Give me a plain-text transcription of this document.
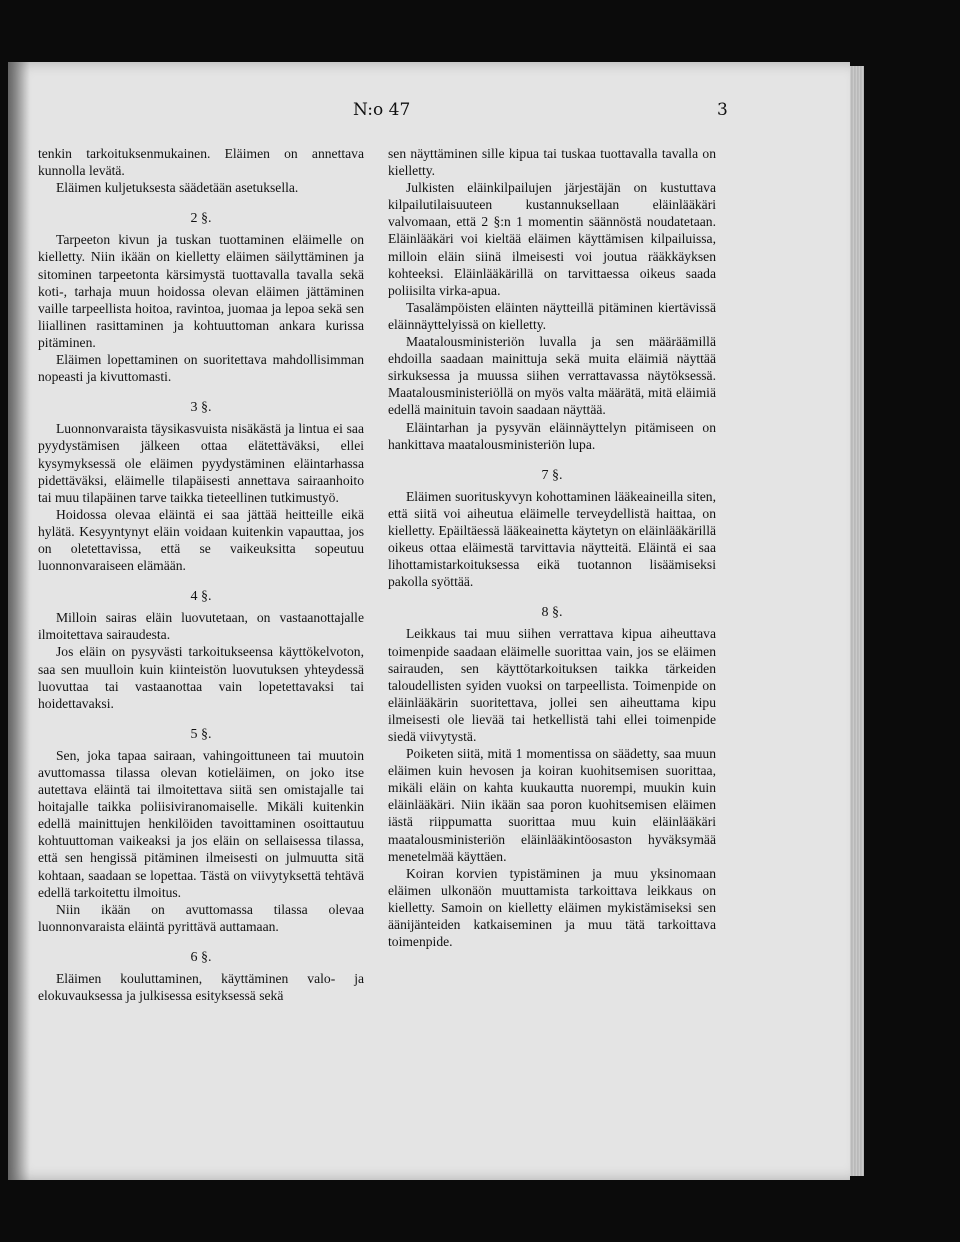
N:o 47	3

tenkin tarkoituksenmukainen. Eläimen on annettava kunnolla levätä.

Eläimen kuljetuksesta säädetään asetuksella.

2 §.

Tarpeeton kivun ja tuskan tuottaminen eläimelle on kielletty. Niin ikään on kielletty eläimen säilyttäminen ja sitominen tarpeetonta kärsimystä tuottavalla tavalla sekä koti-, tarhaja muun hoidossa olevan eläimen jättäminen vaille tarpeellista hoitoa, ravintoa, juomaa ja lepoa sekä sen liiallinen rasittaminen ja kohtuuttoman ankara kurissa pitäminen.

Eläimen lopettaminen on suoritettava mahdollisimman nopeasti ja kivuttomasti.

3 §.

Luonnonvaraista täysikasvuista nisäkästä ja lintua ei saa pyydystämisen jälkeen ottaa elätettäväksi, ellei kysymyksessä ole eläimen pyydystäminen eläintarhassa pidettäväksi, eläimelle tilapäisesti annettava sairaanhoito tai muu tilapäinen tarve taikka tieteellinen tutkimustyö.

Hoidossa olevaa eläintä ei saa jättää heitteille eikä hylätä. Kesyyntynyt eläin voidaan kuitenkin vapauttaa, jos on oletettavissa, että se vaikeuksitta sopeutuu luonnonvaraiseen elämään.

4 §.

Milloin sairas eläin luovutetaan, on vastaanottajalle ilmoitettava sairaudesta.

Jos eläin on pysyvästi tarkoitukseensa käyttökelvoton, saa sen muulloin kuin kiinteistön luovutuksen yhteydessä luovuttaa tai vastaanottaa vain lopetettavaksi tai hoidettavaksi.

5 §.

Sen, joka tapaa sairaan, vahingoittuneen tai muutoin avuttomassa tilassa olevan kotieläimen, on joko itse autettava eläintä tai ilmoitettava siitä sen omistajalle tai hoitajalle taikka poliisiviranomaiselle. Mikäli kuitenkin edellä mainittujen henkilöiden tavoittaminen osoittautuu kohtuuttoman vaikeaksi ja jos eläin on sellaisessa tilassa, että sen hengissä pitäminen ilmeisesti on julmuutta sitä kohtaan, saadaan se lopettaa. Tästä on viivytyksettä tehtävä edellä tarkoitettu ilmoitus.

Niin ikään on avuttomassa tilassa olevaa luonnonvaraista eläintä pyrittävä auttamaan.

6 §.

Eläimen kouluttaminen, käyttäminen valo- ja elokuvauksessa ja julkisessa esityksessä sekä

sen näyttäminen sille kipua tai tuskaa tuottavalla tavalla on kielletty.

Julkisten eläinkilpailujen järjestäjän on kustuttava kilpailutilaisuuteen kustannuksellaan eläinlääkäri valvomaan, että 2 §:n 1 momentin säännöstä noudatetaan. Eläinlääkäri voi kieltää eläimen käyttämisen kilpailuissa, milloin eläin siinä ilmeisesti voi joutua rääkkäyksen kohteeksi. Eläinlääkärillä on tarvittaessa oikeus saada poliisilta virka-apua.

Tasalämpöisten eläinten näytteillä pitäminen kiertävissä eläinnäyttelyissä on kielletty.

Maatalousministeriön luvalla ja sen määräämillä ehdoilla saadaan mainittuja sekä muita eläimiä näyttää sirkuksessa ja muussa siihen verrattavassa näytöksessä. Maatalousministeriöllä on myös valta määrätä, mitä eläimiä edellä mainituin tavoin saadaan näyttää.

Eläintarhan ja pysyvän eläinnäyttelyn pitämiseen on hankittava maatalousministeriön lupa.

7 §.

Eläimen suorituskyvyn kohottaminen lääkeaineilla siten, että siitä voi aiheutua eläimelle terveydellistä haittaa, on kielletty. Epäiltäessä lääkeainetta käytetyn on eläinlääkärillä oikeus ottaa eläimestä tarvittavia näytteitä. Eläintä ei saa lihottamistarkoituksessa eikä tuotannon lisäämiseksi pakolla syöttää.

8 §.

Leikkaus tai muu siihen verrattava kipua aiheuttava toimenpide saadaan eläimelle suorittaa vain, jos se eläimen sairauden, sen käyttötarkoituksen taikka tärkeiden taloudellisten syiden vuoksi on tarpeellista. Toimenpide on eläinlääkärin suoritettava, jollei sen aiheuttama kipu ilmeisesti ole lievää tai hetkellistä tahi ellei toimenpide siedä viivytystä.

Poiketen siitä, mitä 1 momentissa on säädetty, saa muun eläimen kuin hevosen ja koiran kuohitsemisen suorittaa, mikäli eläin on kahta kuukautta nuorempi, muukin kuin eläinlääkäri. Niin ikään saa poron kuohitsemisen eläimen iästä riippumatta suorittaa muu kuin eläinlääkäri maatalousministeriön eläinlääkintöosaston hyväksymää menetelmää käyttäen.

Koiran korvien typistäminen ja muu yksinomaan eläimen ulkonäön muuttamista tarkoittava leikkaus on kielletty. Samoin on kielletty eläimen mykistämiseksi sen äänijänteiden katkaiseminen ja muu tätä tarkoittava toimenpide.
